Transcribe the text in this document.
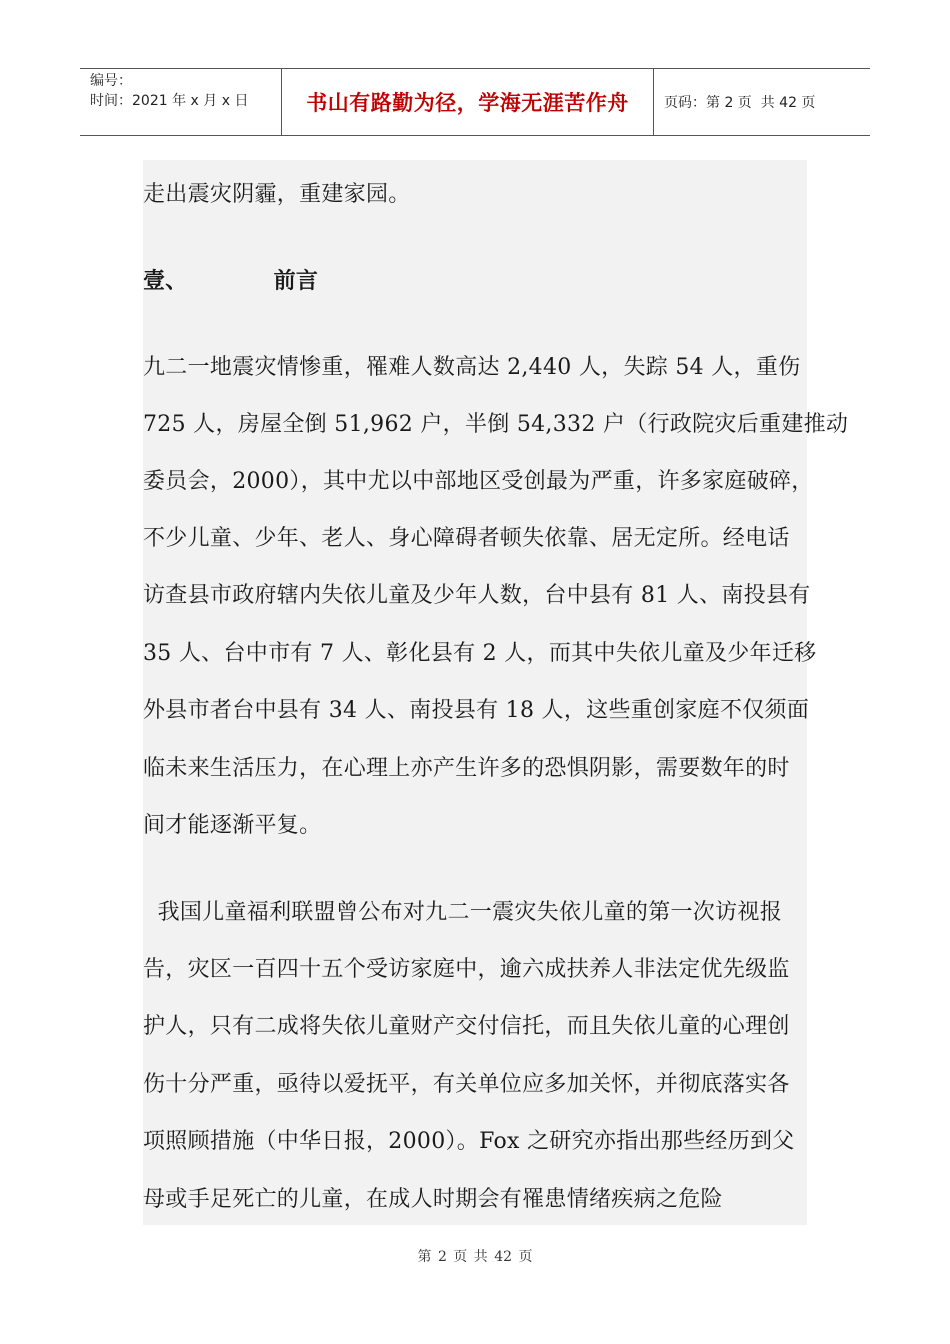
编号：
时间：2021 年 x 月 x 日	书山有路勤为径，学海无涯苦作舟	页码：第 2 页  共 42 页
走出震灾阴霾，重建家园。
壹、	前言
九二一地震灾情惨重，罹难人数高达 2,440 人，失踪 54 人，重伤
725 人，房屋全倒 51,962 户，半倒 54,332 户（行政院灾后重建推动
委员会，2000），其中尤以中部地区受创最为严重，许多家庭破碎，
不少儿童、少年、老人、身心障碍者顿失依靠、居无定所。经电话
访查县市政府辖内失依儿童及少年人数，台中县有 81 人、南投县有
35 人、台中市有 7 人、彰化县有 2 人，而其中失依儿童及少年迁移
外县市者台中县有 34 人、南投县有 18 人，这些重创家庭不仅须面
临未来生活压力，在心理上亦产生许多的恐惧阴影，需要数年的时
间才能逐渐平复。
我国儿童福利联盟曾公布对九二一震灾失依儿童的第一次访视报
告，灾区一百四十五个受访家庭中，逾六成扶养人非法定优先级监
护人，只有二成将失依儿童财产交付信托，而且失依儿童的心理创
伤十分严重，亟待以爱抚平，有关单位应多加关怀，并彻底落实各
项照顾措施（中华日报，2000）。Fox 之研究亦指出那些经历到父
母或手足死亡的儿童，在成人时期会有罹患情绪疾病之危险
第 2 页 共 42 页
